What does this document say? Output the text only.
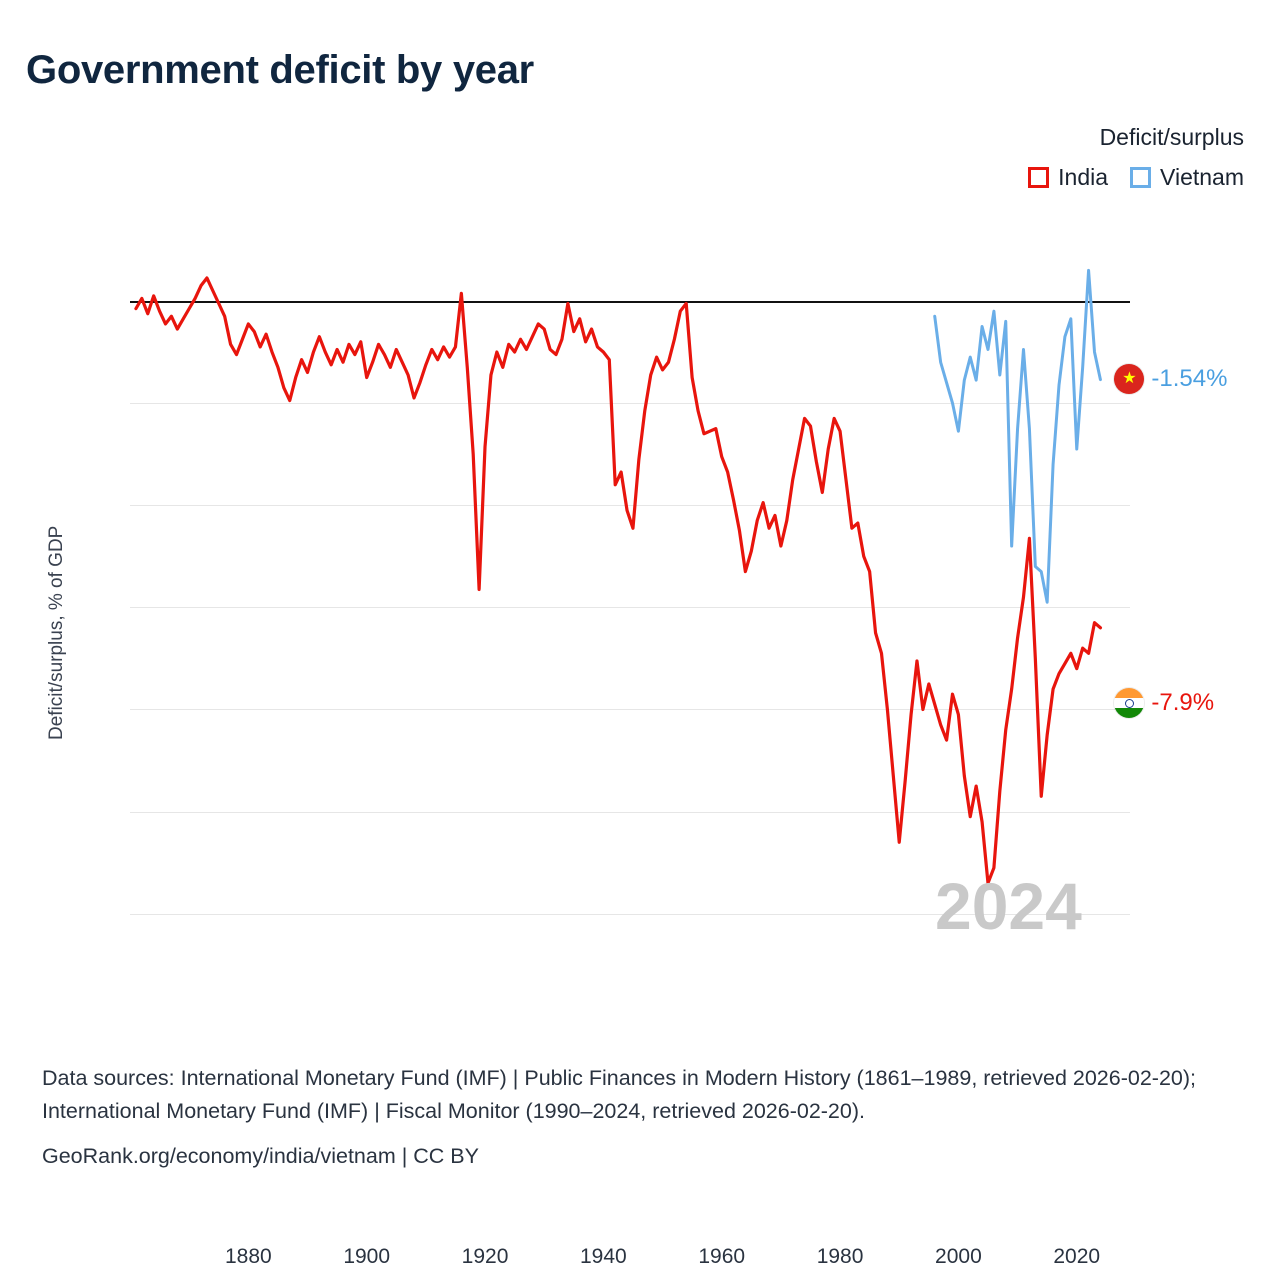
Government deficit by year
Deficit/surplus
India Vietnam
Deficit/surplus, % of GDP
1880	1900	1920	1940	1960	1980	2000	2020
2024
★
-1.54%
-7.9%
Data sources: International Monetary Fund (IMF) | Public Finances in Modern History (1861–1989, retrieved 2026-02-20); International Monetary Fund (IMF) | Fiscal Monitor (1990–2024, retrieved 2026-02-20).
GeoRank.org/economy/india/vietnam | CC BY
